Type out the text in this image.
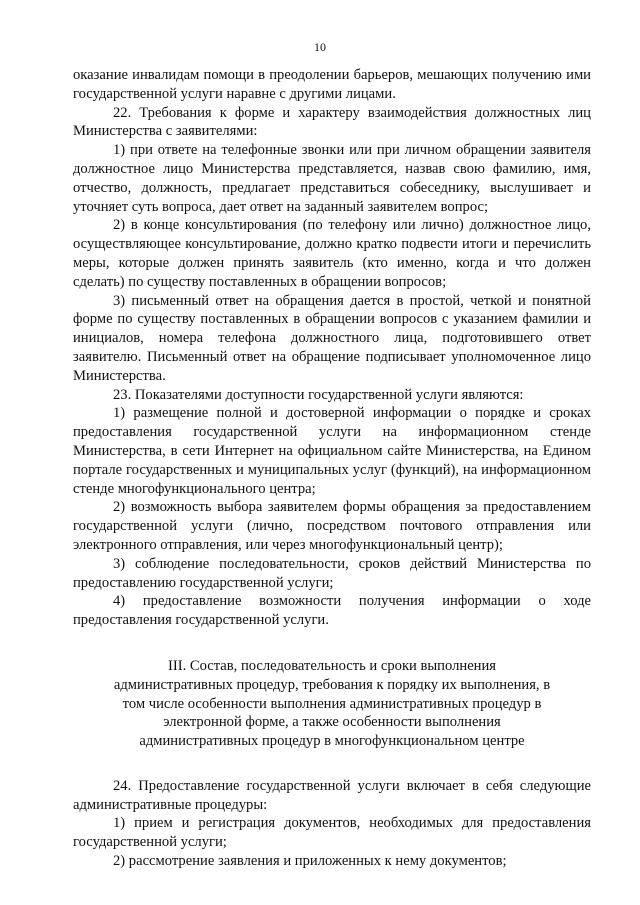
10

оказание инвалидам помощи в преодолении барьеров, мешающих получению ими государственной услуги наравне с другими лицами.

22. Требования к форме и характеру взаимодействия должностных лиц Министерства с заявителями:

1) при ответе на телефонные звонки или при личном обращении заявителя должностное лицо Министерства представляется, назвав свою фамилию, имя, отчество, должность, предлагает представиться собеседнику, выслушивает и уточняет суть вопроса, дает ответ на заданный заявителем вопрос;

2) в конце консультирования (по телефону или лично) должностное лицо, осуществляющее консультирование, должно кратко подвести итоги и перечислить меры, которые должен принять заявитель (кто именно, когда и что должен сделать) по существу поставленных в обращении вопросов;

3) письменный ответ на обращения дается в простой, четкой и понятной форме по существу поставленных в обращении вопросов с указанием фамилии и инициалов, номера телефона должностного лица, подготовившего ответ заявителю. Письменный ответ на обращение подписывает уполномоченное лицо Министерства.

23. Показателями доступности государственной услуги являются:

1) размещение полной и достоверной информации о порядке и сроках предоставления государственной услуги на информационном стенде Министерства, в сети Интернет на официальном сайте Министерства, на Едином портале государственных и муниципальных услуг (функций), на информационном стенде многофункционального центра;

2) возможность выбора заявителем формы обращения за предоставлением государственной услуги (лично, посредством почтового отправления или электронного отправления, или через многофункциональный центр);

3) соблюдение последовательности, сроков действий Министерства по предоставлению государственной услуги;

4) предоставление возможности получения информации о ходе предоставления государственной услуги.

III. Состав, последовательность и сроки выполнения административных процедур, требования к порядку их выполнения, в том числе особенности выполнения административных процедур в электронной форме, а также особенности выполнения административных процедур в многофункциональном центре

24. Предоставление государственной услуги включает в себя следующие административные процедуры:

1) прием и регистрация документов, необходимых для предоставления государственной услуги;

2) рассмотрение заявления и приложенных к нему документов;
